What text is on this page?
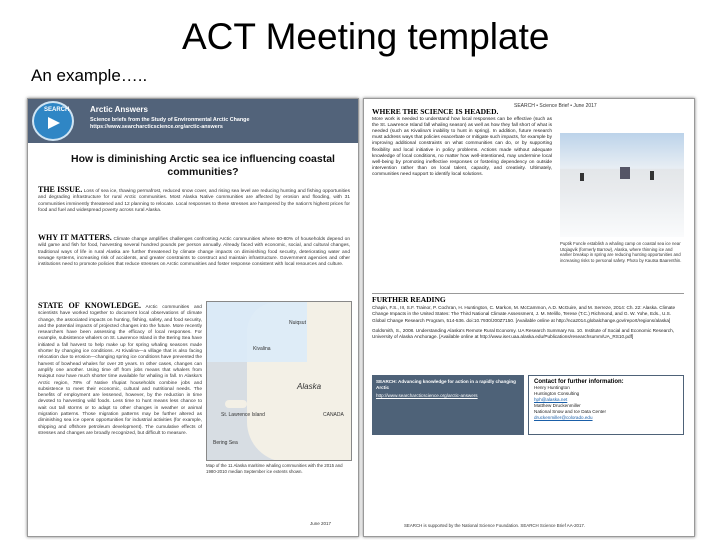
ACT Meeting template
An example…..
SEARCH	Arctic Answers
Science briefs from the Study of Environmental Arctic Change
https://www.searcharcticscience.org/arctic-answers
How is diminishing Arctic sea ice influencing coastal communities?
THE ISSUE. Loss of sea ice, thawing permafrost, reduced snow cover, and rising sea level are reducing hunting and fishing opportunities and degrading infrastructure for rural Arctic communities. Most Alaska Native communities are affected by erosion and flooding, with 31 communities imminently threatened and 12 planning to relocate. Local responses to these stresses are hampered by the nation's highest prices for food and fuel and widespread poverty across rural Alaska.
WHY IT MATTERS. Climate change amplifies challenges confronting Arctic communities where 60-80% of households depend on wild game and fish for food, harvesting several hundred pounds per person annually. Already faced with economic, social, and cultural changes, traditional ways of life in rural Alaska are further threatened by climate change impacts on diminishing food security, deteriorating water and sewage systems, increasing risk of accidents, and greater constraints to construct and maintain infrastructure. Government agencies and other institutions need to promote policies that reduce stresses on Arctic communities and foster response consistent with local resources and culture.
STATE OF KNOWLEDGE. Arctic communities and scientists have worked together to document local observations of climate change, the associated impacts on hunting, fishing, safety, and food security, and the potential impacts of projected changes into the future. More recently researchers have been assessing the efficacy of local responses. For example, subsistence whalers on St. Lawrence Island in the Bering Sea have initiated a fall harvest to help make up for spring whaling seasons made shorter by changing ice conditions. At Kivalina—a village that is also facing relocation due to erosion—changing spring ice conditions have prevented the harvest of bowhead whales for over 20 years. In other cases, changes can amplify one another. Using time off from jobs means that whalers from Nuiqsut now have much shorter time available for whaling in fall. In Alaska's Arctic region, 78% of Native Iñupiat households combine jobs and subsistence to meet their economic, cultural and nutritional needs. The benefits of employment are lessened, however, by the reduction in time devoted to harvesting wild foods. Less time to hunt means less chance to wait out tall storms or to adapt to other changes in weather or animal migration patterns. Those migration patterns may be further altered as diminishing sea ice opens opportunities for industrial activities (for example, shipping and offshore petroleum development). The cumulative effects of stresses and changes are broadly recognized, but difficult to measure.
Nuiqsut
Kivalina
Alaska
St. Lawrence Island	CANADA
Bering Sea
Map of the 11 Alaska maritime whaling communities with the 2015 and 1980-2010 median September ice extents shown.
June 2017
SEARCH • Science Brief • June 2017
WHERE THE SCIENCE IS HEADED.
More work is needed to understand how local responses can be effective (such as the St. Lawrence Island fall whaling season) as well as how they fall short of what is needed (such as Kivalina's inability to hunt in spring). In addition, future research must address ways that policies exacerbate or mitigate such impacts, for example by improving additional constraints on what communities can do, or by supporting flexibility and local initiative in policy problems. Actions made without adequate knowledge of local conditions, no matter how well-intentioned, may undermine local well-being by promoting ineffective responses or fostering dependency on outside intervention rather than on local talent, capacity, and creativity. Ultimately, communities need support to identify local solutions.
Puptik Funcle establish a whaling camp on coastal sea ice near Utqiagvik (formerly Barrow), Alaska, where thinning ice and earlier breakup in spring are reducing hunting opportunities and increasing risks to personal safety. Photo by Kautsa Baarenthin.
FURTHER READING

Chapin, F.S., III, S.F. Trainor, P. Cochran, H. Huntington, C. Markon, M. McCammon, A.D. McGuire, and M. Serreze, 2014: Ch. 22: Alaska. Climate Change Impacts in the United States: The Third National Climate Assessment, J. M. Melillo, Terese (T.C.) Richmond, and G. W. Yohe, Eds., U.S. Global Change Research Program, 514-536. doi:10.7930/J00Z7150. [Available online at http://nca2014.globalchange.gov/report/regions/alaska]

Goldsmith, S., 2008. Understanding Alaska's Remote Rural Economy. UA Research Summary No. 10. Institute of Social and Economic Research, University of Alaska Anchorage. [Available online at http://www.iser.uaa.alaska.edu/Publications/researchsumm/UA_RS10.pdf]

SEARCH: Advancing knowledge for action in a rapidly changing Arctic
http://www.searcharcticscience.org/arctic-answers
Contact for further information:
Henry Huntington
Huntington Consulting
hph@alaska.net
Matthew Druckenmiller
National Snow and Ice Data Center
druckenmiller@colorado.edu
SEARCH is supported by the National Science Foundation. SEARCH Science Brief AA-2017.
